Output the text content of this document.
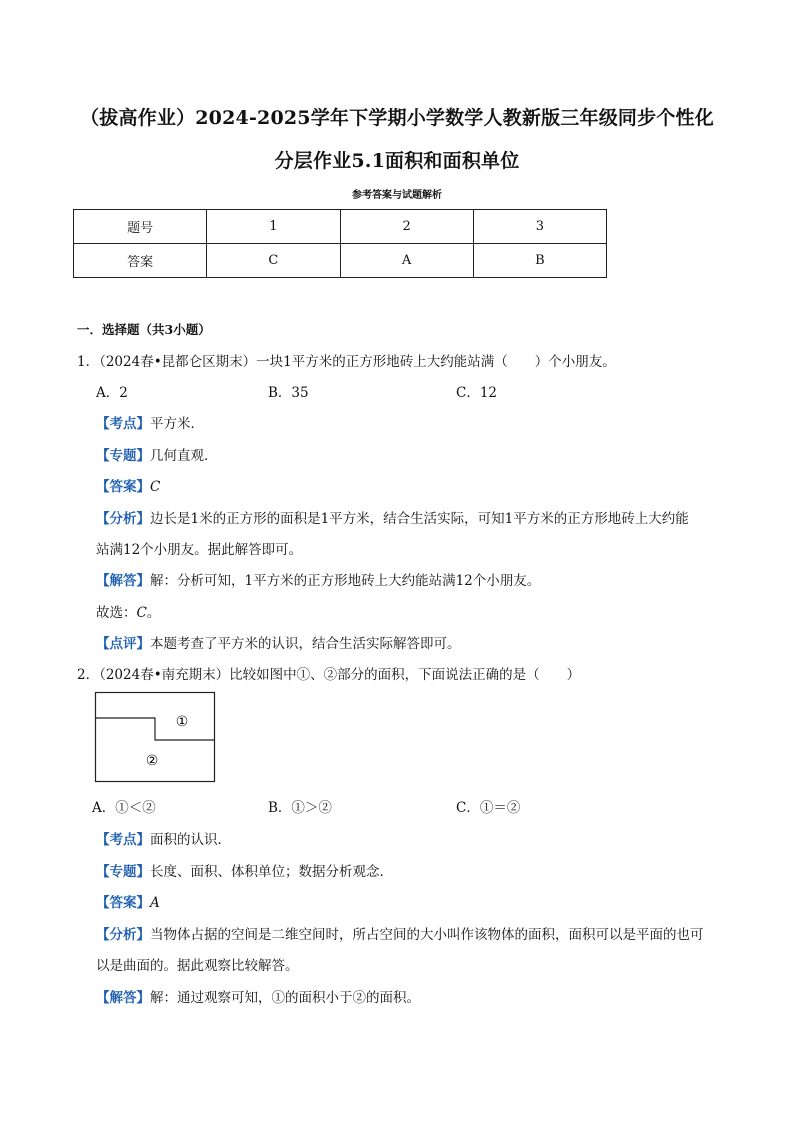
（拔高作业）2024-2025学年下学期小学数学人教新版三年级同步个性化
分层作业5.1面积和面积单位
参考答案与试题解析
题号	1	2	3
答案	C	A	B
一．选择题（共3小题）
1．（2024春•昆都仑区期末）一块1平方米的正方形地砖上大约能站满（　　）个小朋友。
A．2	B．35	C．12
【考点】平方米．
【专题】几何直观．
【答案】C
【分析】边长是1米的正方形的面积是1平方米，结合生活实际，可知1平方米的正方形地砖上大约能
站满12个小朋友。据此解答即可。
【解答】解：分析可知，1平方米的正方形地砖上大约能站满12个小朋友。
故选：C。
【点评】本题考查了平方米的认识，结合生活实际解答即可。
2．（2024春•南充期末）比较如图中①、②部分的面积，下面说法正确的是（　　）
①
②
A．①＜②	B．①＞②	C．①＝②
【考点】面积的认识．
【专题】长度、面积、体积单位；数据分析观念．
【答案】A
【分析】当物体占据的空间是二维空间时，所占空间的大小叫作该物体的面积，面积可以是平面的也可
以是曲面的。据此观察比较解答。
【解答】解：通过观察可知，①的面积小于②的面积。
